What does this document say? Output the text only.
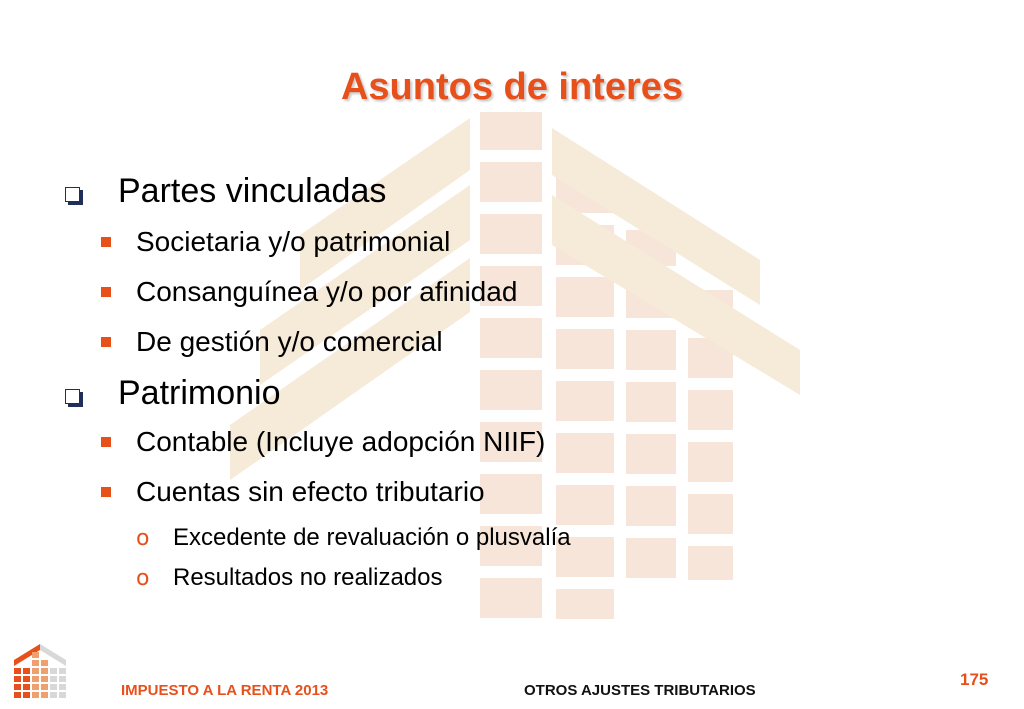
Asuntos de interes
Partes vinculadas
Societaria y/o patrimonial
Consanguínea y/o por afinidad
De gestión y/o comercial
Patrimonio
Contable (Incluye adopción NIIF)
Cuentas sin efecto tributario
o Excedente de revaluación o plusvalía
o Resultados no realizados
IMPUESTO A LA RENTA 2013	OTROS AJUSTES TRIBUTARIOS
175
